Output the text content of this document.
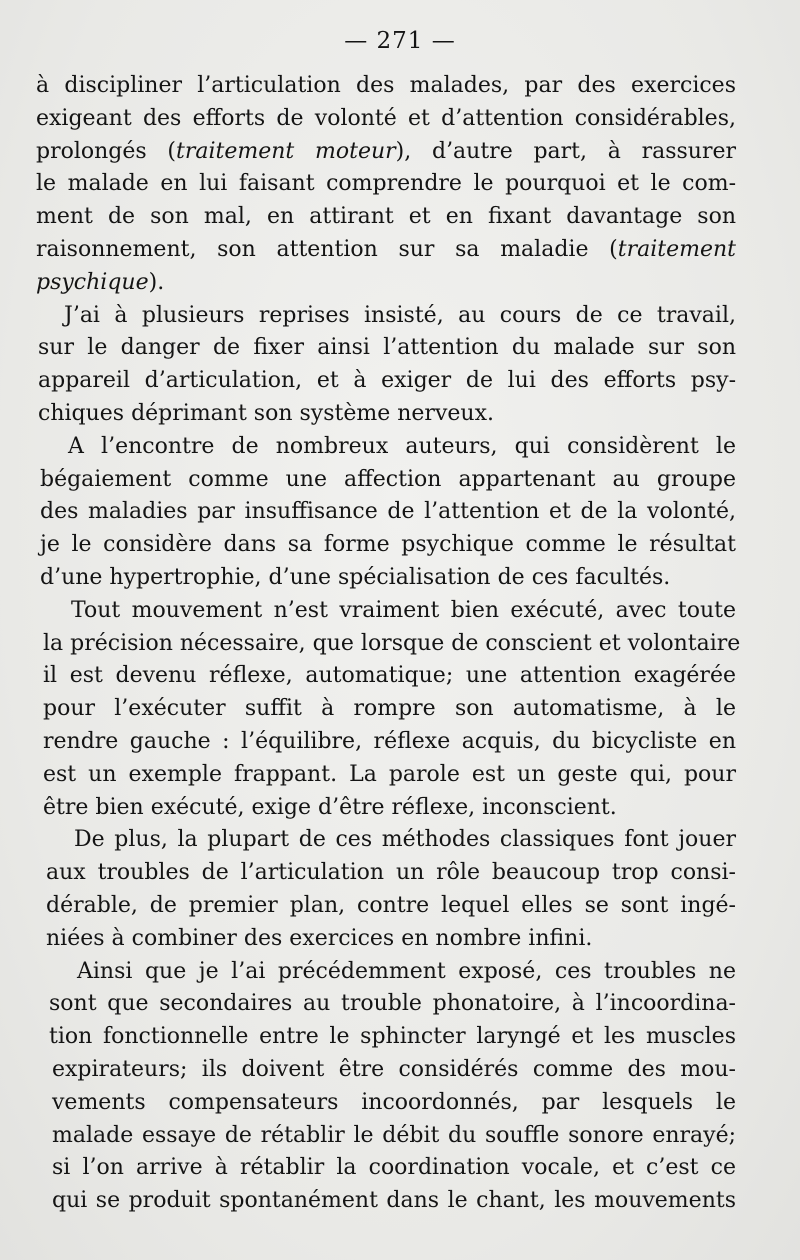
— 271 —
à discipliner l’articulation des malades, par des exercices
exigeant des efforts de volonté et d’attention considérables,
prolongés (traitement moteur), d’autre part, à rassurer
le malade en lui faisant comprendre le pourquoi et le com-
ment de son mal, en attirant et en fixant davantage son
raisonnement, son attention sur sa maladie (traitement
psychique).
J’ai à plusieurs reprises insisté, au cours de ce travail,
sur le danger de fixer ainsi l’attention du malade sur son
appareil d’articulation, et à exiger de lui des efforts psy-
chiques déprimant son système nerveux.
A l’encontre de nombreux auteurs, qui considèrent le
bégaiement comme une affection appartenant au groupe
des maladies par insuffisance de l’attention et de la volonté,
je le considère dans sa forme psychique comme le résultat
d’une hypertrophie, d’une spécialisation de ces facultés.
Tout mouvement n’est vraiment bien exécuté, avec toute
la précision nécessaire, que lorsque de conscient et volontaire
il est devenu réflexe, automatique; une attention exagérée
pour l’exécuter suffit à rompre son automatisme, à le
rendre gauche : l’équilibre, réflexe acquis, du bicycliste en
est un exemple frappant. La parole est un geste qui, pour
être bien exécuté, exige d’être réflexe, inconscient.
De plus, la plupart de ces méthodes classiques font jouer
aux troubles de l’articulation un rôle beaucoup trop consi-
dérable, de premier plan, contre lequel elles se sont ingé-
niées à combiner des exercices en nombre infini.
Ainsi que je l’ai précédemment exposé, ces troubles ne
sont que secondaires au trouble phonatoire, à l’incoordina-
tion fonctionnelle entre le sphincter laryngé et les muscles
expirateurs; ils doivent être considérés comme des mou-
vements compensateurs incoordonnés, par lesquels le
malade essaye de rétablir le débit du souffle sonore enrayé;
si l’on arrive à rétablir la coordination vocale, et c’est ce
qui se produit spontanément dans le chant, les mouvements
